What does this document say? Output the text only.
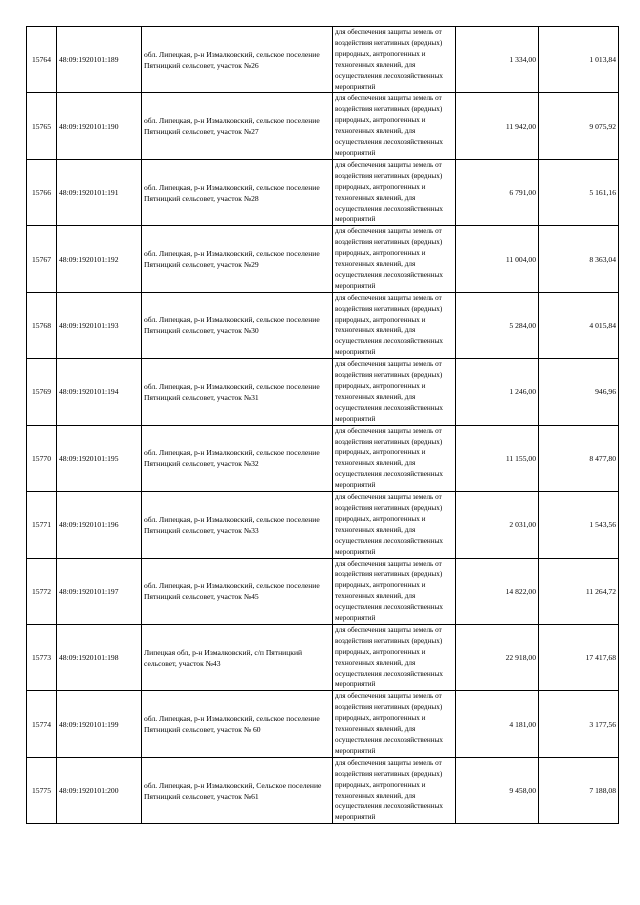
15764	48:09:1920101:189	обл. Липецкая, р-н Измалковский, сельское поселение Пятницкий сельсовет, участок №26	для обеспечения защиты земель от воздействия негативных (вредных) природных, антропогенных и техногенных явлений, для осуществления лесохозяйственных мероприятий	1 334,00	1 013,84
15765	48:09:1920101:190	обл. Липецкая, р-н Измалковский, сельское поселение Пятницкий сельсовет, участок №27	для обеспечения защиты земель от воздействия негативных (вредных) природных, антропогенных и техногенных явлений, для осуществления лесохозяйственных мероприятий	11 942,00	9 075,92
15766	48:09:1920101:191	обл. Липецкая, р-н Измалковский, сельское поселение Пятницкий сельсовет, участок №28	для обеспечения защиты земель от воздействия негативных (вредных) природных, антропогенных и техногенных явлений, для осуществления лесохозяйственных мероприятий	6 791,00	5 161,16
15767	48:09:1920101:192	обл. Липецкая, р-н Измалковский, сельское поселение Пятницкий сельсовет, участок №29	для обеспечения защиты земель от воздействия негативных (вредных) природных, антропогенных и техногенных явлений, для осуществления лесохозяйственных мероприятий	11 004,00	8 363,04
15768	48:09:1920101:193	обл. Липецкая, р-н Измалковский, сельское поселение Пятницкий сельсовет, участок №30	для обеспечения защиты земель от воздействия негативных (вредных) природных, антропогенных и техногенных явлений, для осуществления лесохозяйственных мероприятий	5 284,00	4 015,84
15769	48:09:1920101:194	обл. Липецкая, р-н Измалковский, сельское поселение Пятницкий сельсовет, участок №31	для обеспечения защиты земель от воздействия негативных (вредных) природных, антропогенных и техногенных явлений, для осуществления лесохозяйственных мероприятий	1 246,00	946,96
15770	48:09:1920101:195	обл. Липецкая, р-н Измалковский, сельское поселение Пятницкий сельсовет, участок №32	для обеспечения защиты земель от воздействия негативных (вредных) природных, антропогенных и техногенных явлений, для осуществления лесохозяйственных мероприятий	11 155,00	8 477,80
15771	48:09:1920101:196	обл. Липецкая, р-н Измалковский, сельское поселение Пятницкий сельсовет, участок №33	для обеспечения защиты земель от воздействия негативных (вредных) природных, антропогенных и техногенных явлений, для осуществления лесохозяйственных мероприятий	2 031,00	1 543,56
15772	48:09:1920101:197	обл. Липецкая, р-н Измалковский, сельское поселение Пятницкий сельсовет, участок №45	для обеспечения защиты земель от воздействия негативных (вредных) природных, антропогенных и техногенных явлений, для осуществления лесохозяйственных мероприятий	14 822,00	11 264,72
15773	48:09:1920101:198	Липецкая обл, р-н Измалковский, с/п Пятницкий сельсовет, участок №43	для обеспечения защиты земель от воздействия негативных (вредных) природных, антропогенных и техногенных явлений, для осуществления лесохозяйственных мероприятий	22 918,00	17 417,68
15774	48:09:1920101:199	обл. Липецкая, р-н Измалковский, сельское поселение Пятницкий сельсовет, участок № 60	для обеспечения защиты земель от воздействия негативных (вредных) природных, антропогенных и техногенных явлений, для осуществления лесохозяйственных мероприятий	4 181,00	3 177,56
15775	48:09:1920101:200	обл. Липецкая, р-н Измалковский, Сельское поселение Пятницкий сельсовет, участок №61	для обеспечения защиты земель от воздействия негативных (вредных) природных, антропогенных и техногенных явлений, для осуществления лесохозяйственных мероприятий	9 458,00	7 188,08
